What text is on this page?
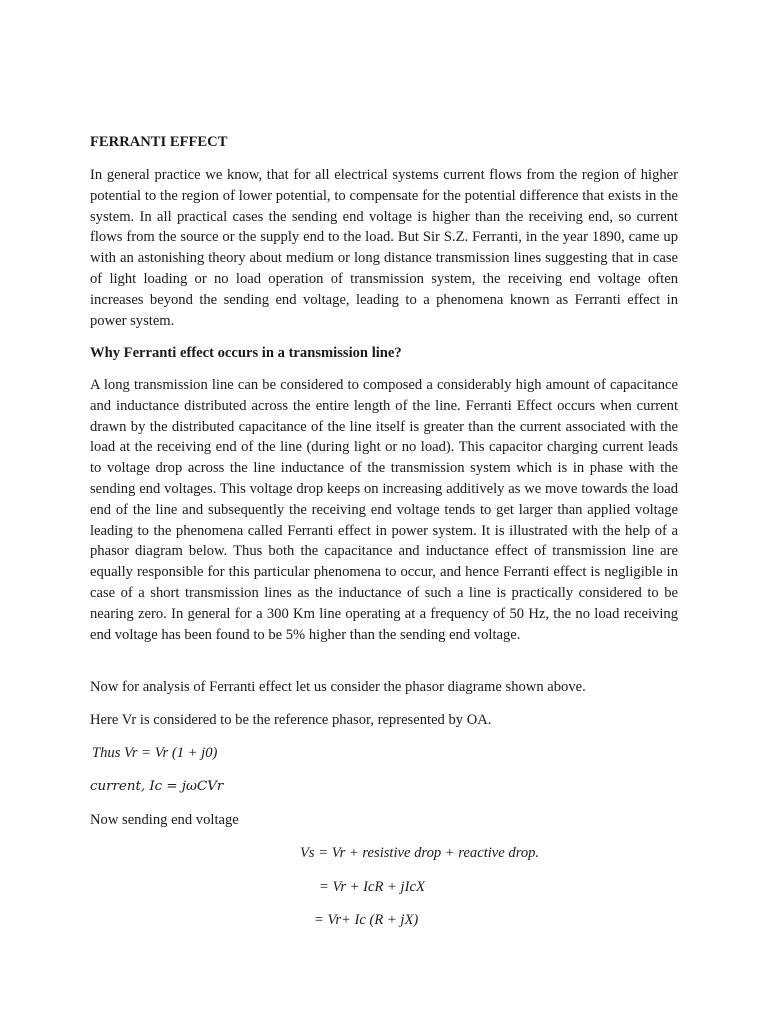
FERRANTI EFFECT

In general practice we know, that for all electrical systems current flows from the region of higher potential to the region of lower potential, to compensate for the potential difference that exists in the system. In all practical cases the sending end voltage is higher than the receiving end, so current flows from the source or the supply end to the load. But Sir S.Z. Ferranti, in the year 1890, came up with an astonishing theory about medium or long distance transmission lines suggesting that in case of light loading or no load operation of transmission system, the receiving end voltage often increases beyond the sending end voltage, leading to a phenomena known as Ferranti effect in power system.

Why Ferranti effect occurs in a transmission line?

A long transmission line can be considered to composed a considerably high amount of capacitance and inductance distributed across the entire length of the line. Ferranti Effect occurs when current drawn by the distributed capacitance of the line itself is greater than the current associated with the load at the receiving end of the line (during light or no load). This capacitor charging current leads to voltage drop across the line inductance of the transmission system which is in phase with the sending end voltages. This voltage drop keeps on increasing additively as we move towards the load end of the line and subsequently the receiving end voltage tends to get larger than applied voltage leading to the phenomena called Ferranti effect in power system. It is illustrated with the help of a phasor diagram below. Thus both the capacitance and inductance effect of transmission line are equally responsible for this particular phenomena to occur, and hence Ferranti effect is negligible in case of a short transmission lines as the inductance of such a line is practically considered to be nearing zero. In general for a 300 Km line operating at a frequency of 50 Hz, the no load receiving end voltage has been found to be 5% higher than the sending end voltage.

Now for analysis of Ferranti effect let us consider the phasor diagrame shown above.
Here Vr is considered to be the reference phasor, represented by OA.
Thus Vr = Vr (1 + j0)
current, Ic = jωCVr
Now sending end voltage
Vs = Vr + resistive drop + reactive drop.
= Vr + IcR + jIcX
= Vr+ Ic (R + jX)
